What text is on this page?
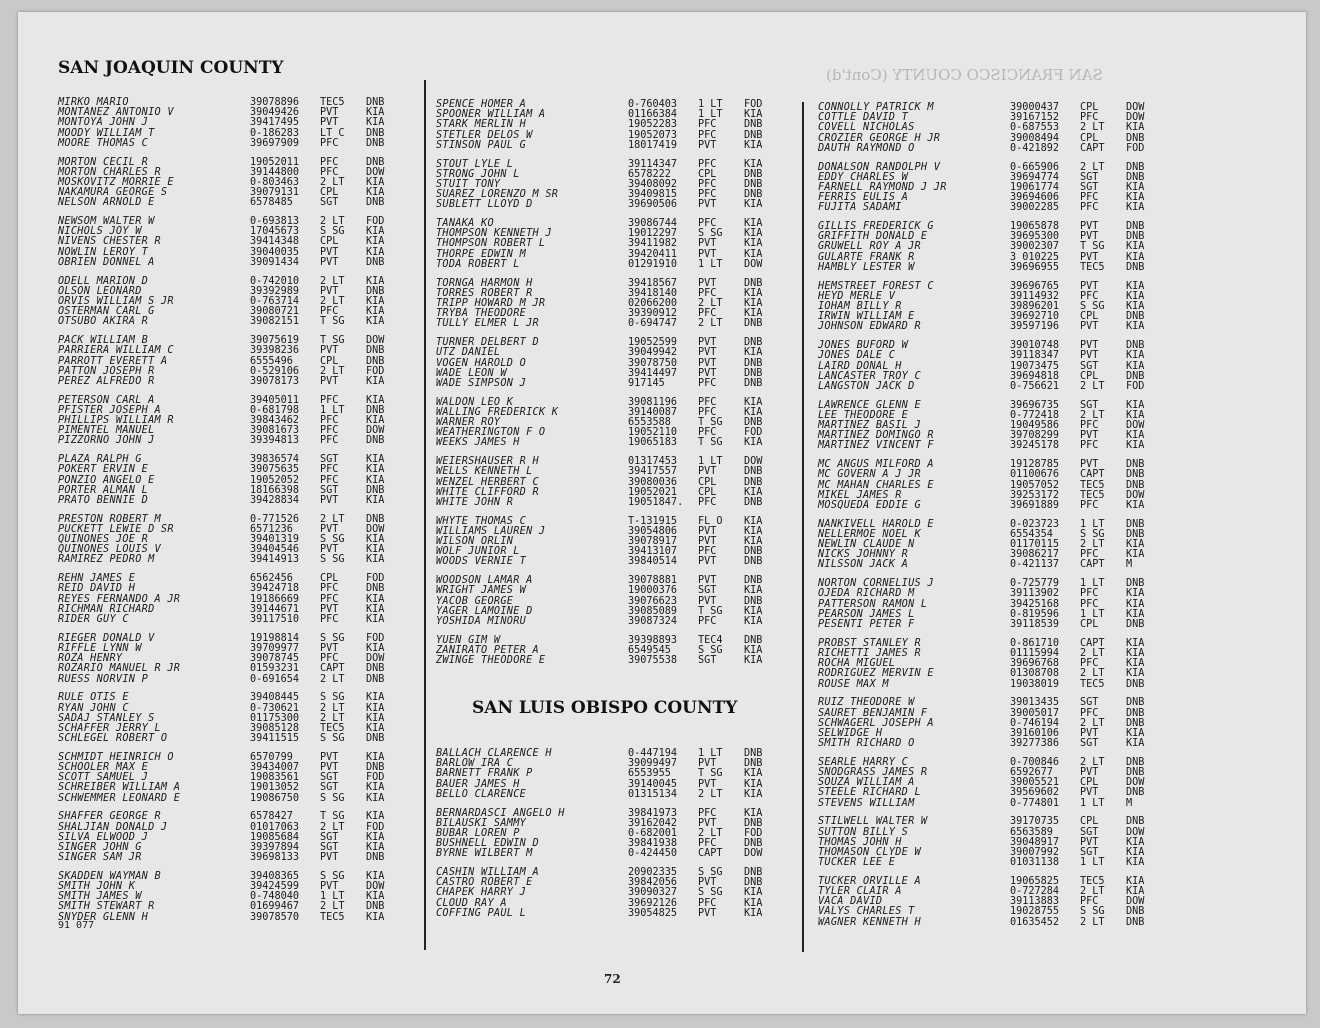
SAN FRANCISCO COUNTY (Cont'd)
SAN JOAQUIN COUNTY
MIRKO MARIO	39078896 TEC5 DNB
MONTANEZ ANTONIO V	39049426 PVT	KIA
MONTOYA JOHN J	39417495 PVT	KIA
MOODY WILLIAM T	0-186283 LT C DNB
MOORE THOMAS C	39697909 PFC	DNB
MORTON CECIL R	19052011 PFC	DNB
MORTON CHARLES R	39144800 PFC	DOW
MOSKOVITZ MORRIE E	0-803463 2 LT KIA
NAKAMURA GEORGE S	39079131 CPL	KIA
NELSON ARNOLD E	6578485	SGT	DNB
NEWSOM WALTER W	0-693813 2 LT FOD
NICHOLS JOY W	17045673 S SG KIA
NIVENS CHESTER R	39414348 CPL	KIA
NOWLIN LEROY T	39040035 PVT	KIA
OBRIEN DONNEL A	39091434 PVT	DNB
ODELL MARION D	0-742010 2 LT KIA
OLSON LEONARD	39392989 PVT	DNB
ORVIS WILLIAM S JR	0-763714 2 LT KIA
OSTERMAN CARL G	39080721 PFC	KIA
OTSUBO AKIRA R	39082151 T SG KIA
PACK WILLIAM B	39075619 T SG DOW
PARRIERA WILLIAM C	39398236 PVT	DNB
PARROTT EVERETT A	6555496	CPL	DNB
PATTON JOSEPH R	0-529106 2 LT FOD
PEREZ ALFREDO R	39078173 PVT	KIA
PETERSON CARL A	39405011 PFC	KIA
PFISTER JOSEPH A	0-681798 1 LT DNB
PHILLIPS WILLIAM R	39843462 PFC	KIA
PIMENTEL MANUEL	39081673 PFC	DOW
PIZZORNO JOHN J	39394813 PFC	DNB
PLAZA RALPH G	39836574 SGT	KIA
POKERT ERVIN E	39075635 PFC	KIA
PONZIO ANGELO E	19052052 PFC	KIA
PORTER ALMAN L	18166398 SGT	DNB
PRATO BENNIE D	39428834 PVT	KIA
PRESTON ROBERT M	0-771526 2 LT DNB
PUCKETT LEWIE D SR	6571236	PVT	DOW
QUINONES JOE R	39401319 S SG KIA
QUINONES LOUIS V	39404546 PVT	KIA
RAMIREZ PEDRO M	39414913 S SG KIA
REHN JAMES E	6562456	CPL	FOD
REID DAVID H	39424718 PFC	DNB
REYES FERNANDO A JR	19186669 PFC	KIA
RICHMAN RICHARD	39144671 PVT	KIA
RIDER GUY C	39117510 PFC	KIA
RIEGER DONALD V	19198814 S SG FOD
RIFFLE LYNN W	39709977 PVT	KIA
ROZA HENRY	39078745 PFC	DOW
ROZARIO MANUEL R JR	01593231 CAPT DNB
RUESS NORVIN P	0-691654 2 LT DNB
RULE OTIS E	39408445 S SG KIA
RYAN JOHN C	0-730621 2 LT KIA
SADAJ STANLEY S	01175300 2 LT KIA
SCHAFFER JERRY L	39085128 TEC5 KIA
SCHLEGEL ROBERT O	39411515 S SG DNB
SCHMIDT HEINRICH O	6570799	PVT	KIA
SCHOOLER MAX E	39434007 PVT	DNB
SCOTT SAMUEL J	19083561 SGT	FOD
SCHREIBER WILLIAM A	19013052 SGT	KIA
SCHWEMMER LEONARD E	19086750 S SG KIA
SHAFFER GEORGE R	6578427	T SG KIA
SHALJIAN DONALD J	01017063 2 LT FOD
SILVA ELWOOD J	19085684 SGT	KIA
SINGER JOHN G	39397894 SGT	KIA
SINGER SAM JR	39698133 PVT	DNB
SKADDEN WAYMAN B	39408365 S SG KIA
SMITH JOHN K	39424599 PVT	DOW
SMITH JAMES W	0-748040 1 LT KIA
SMITH STEWART R	01699467 2 LT DNB
SNYDER GLENN H	39078570 TEC5 KIA
SPENCE HOMER A	0-760403 1 LT FOD
SPOONER WILLIAM A	01166384 1 LT KIA
STARK MERLIN H	19052283 PFC	DNB
STETLER DELOS W	19052073 PFC	DNB
STINSON PAUL G	18017419 PVT	KIA
STOUT LYLE L	39114347 PFC	KIA
STRONG JOHN L	6578222	CPL	DNB
STUIT TONY	39408092 PFC	DNB
SUAREZ LORENZO M SR	39409815 PFC	DNB
SUBLETT LLOYD D	39690506 PVT	KIA
TANAKA KO	39086744 PFC	KIA
THOMPSON KENNETH J	19012297 S SG KIA
THOMPSON ROBERT L	39411982 PVT	KIA
THORPE EDWIN M	39420411 PVT	KIA
TODA ROBERT L	01291910 1 LT DOW
TORNGA HARMON H	39418567 PVT	DNB
TORRES ROBERT R	39418140 PFC	KIA
TRIPP HOWARD M JR	02066200 2 LT KIA
TRYBA THEODORE	39390912 PFC	KIA
TULLY ELMER L JR	0-694747 2 LT DNB
TURNER DELBERT D	19052599 PVT	DNB
UTZ DANIEL	39049942 PVT	KIA
VOGEN HAROLD O	39078750 PVT	DNB
WADE LEON W	39414497 PVT	DNB
WADE SIMPSON J	917145	PFC	DNB
WALDON LEO K	39081196 PFC	KIA
WALLING FREDERICK K	39140087 PFC	KIA
WARNER ROY	6553588	T SG DNB
WEATHERINGTON F O	19052110 PFC	FOD
WEEKS JAMES H	19065183 T SG KIA
WEIERSHAUSER R H	01317453 1 LT DOW
WELLS KENNETH L	39417557 PVT	DNB
WENZEL HERBERT C	39080036 CPL	DNB
WHITE CLIFFORD R	19052021 CPL	KIA
WHITE JOHN R	19051847. PFC	DNB
WHYTE THOMAS C	T-131915 FL O KIA
WILLIAMS LAUREN J	39054806 PVT	KIA
WILSON ORLIN	39078917 PVT	KIA
WOLF JUNIOR L	39413107 PFC	DNB
WOODS VERNIE T	39840514 PVT	DNB
WOODSON LAMAR A	39078881 PVT	DNB
WRIGHT JAMES W	19000376 SGT	KIA
YACOB GEORGE	39076623 PVT	DNB
YAGER LAMOINE D	39085089 T SG KIA
YOSHIDA MINORU	39087324 PFC	KIA
YUEN GIM W	39398893 TEC4 DNB
ZANIRATO PETER A	6549545	S SG KIA
ZWINGE THEODORE E	39075538 SGT	KIA
SAN LUIS OBISPO COUNTY
BALLACH CLARENCE H	0-447194 1 LT DNB
BARLOW IRA C	39099497 PVT	DNB
BARNETT FRANK P	6553955	T SG KIA
BAUER JAMES H	39140045 PVT	KIA
BELLO CLARENCE	01315134 2 LT KIA
BERNARDASCI ANGELO H	39841973 PFC	KIA
BILAUSKI SAMMY	39162042 PVT	DNB
BUBAR LOREN P	0-682001 2 LT FOD
BUSHNELL EDWIN D	39841938 PFC	DNB
BYRNE WILBERT M	0-424450 CAPT DOW
CASHIN WILLIAM A	20902335 S SG DNB
CASTRO ROBERT E	39842056 PVT	DNB
CHAPEK HARRY J	39090327 S SG KIA
CLOUD RAY A	39692126 PFC	KIA
COFFING PAUL L	39054825 PVT	KIA
CONNOLLY PATRICK M	39000437 CPL	DOW
COTTLE DAVID T	39167152 PFC	DOW
COVELL NICHOLAS	0-687553 2 LT KIA
CROZIER GEORGE H JR	39008494 CPL	DNB
DAUTH RAYMOND O	0-421892 CAPT FOD
DONALSON RANDOLPH V	0-665906 2 LT DNB
EDDY CHARLES W	39694774 SGT	DNB
FARNELL RAYMOND J JR	19061774 SGT	KIA
FERRIS EULIS A	39694606 PFC	KIA
FUJITA SADAMI	39002285 PFC	KIA
GILLIS FREDERICK G	19065878 PVT	DNB
GRIFFITH DONALD E	39695300 PVT	DNB
GRUWELL ROY A JR	39002307 T SG KIA
GULARTE FRANK R	3 010225 PVT	KIA
HAMBLY LESTER W	39696955 TEC5 DNB
HEMSTREET FOREST C	39696765 PVT	KIA
HEYD MERLE V	39114932 PFC	KIA
IOHAM BILLY R	39896201 S SG KIA
IRWIN WILLIAM E	39692710 CPL	DNB
JOHNSON EDWARD R	39597196 PVT	KIA
JONES BUFORD W	39010748 PVT	DNB
JONES DALE C	39118347 PVT	KIA
LAIRD DONAL H	19073475 SGT	KIA
LANCASTER TROY C	39694818 CPL	DNB
LANGSTON JACK D	0-756621 2 LT FOD
LAWRENCE GLENN E	39696735 SGT	KIA
LEE THEODORE E	0-772418 2 LT KIA
MARTINEZ BASIL J	19049586 PFC	DOW
MARTINEZ DOMINGO R	39708299 PVT	KIA
MARTINEZ VINCENT F	39245178 PFC	KIA
MC ANGUS MILFORD A	19128785 PVT	DNB
MC GOVERN A J JR	01100676 CAPT DNB
MC MAHAN CHARLES E	19057052 TEC5 DNB
MIKEL JAMES R	39253172 TEC5 DOW
MOSQUEDA EDDIE G	39691889 PFC	KIA
NANKIVELL HAROLD E	0-023723 1 LT DNB
NELLERMOE NOEL K	6554354	S SG DNB
NEWLIN CLAUDE N	01170115 2 LT KIA
NICKS JOHNNY R	39086217 PFC	KIA
NILSSON JACK A	0-421137 CAPT M
NORTON CORNELIUS J	0-725779 1 LT DNB
OJEDA RICHARD M	39113902 PFC	KIA
PATTERSON RAMON L	39425168 PFC	KIA
PEARSON JAMES L	0-819596 1 LT KIA
PESENTI PETER F	39118539 CPL	DNB
PROBST STANLEY R	0-861710 CAPT KIA
RICHETTI JAMES R	01115994 2 LT KIA
ROCHA MIGUEL	39696768 PFC	KIA
RODRIGUEZ MERVIN E	01308708 2 LT KIA
ROUSE MAX M	19038019 TEC5 DNB
RUIZ THEODORE W	39013435 SGT	DNB
SAURET BENJAMIN F	39005017 PFC	DNB
SCHWAGERL JOSEPH A	0-746194 2 LT DNB
SELWIDGE H	39160106 PVT	KIA
SMITH RICHARD O	39277386 SGT	KIA
SEARLE HARRY C	0-700846 2 LT DNB
SNODGRASS JAMES R	6592677	PVT	DNB
SOUZA WILLIAM A	39005521 CPL	DOW
STEELE RICHARD L	39569602 PVT	DNB
STEVENS WILLIAM	0-774801 1 LT M
STILWELL WALTER W	39170735 CPL	DNB
SUTTON BILLY S	6563589	SGT	DOW
THOMAS JOHN H	39048917 PVT	KIA
THOMASON CLYDE W	39007992 SGT	KIA
TUCKER LEE E	01031138 1 LT KIA
TUCKER ORVILLE A	19065825 TEC5 KIA
TYLER CLAIR A	0-727284 2 LT KIA
VACA DAVID	39113883 PFC	DOW
VALYS CHARLES T	19028755 S SG DNB
WAGNER KENNETH H	01635452 2 LT DNB
91 077
72
